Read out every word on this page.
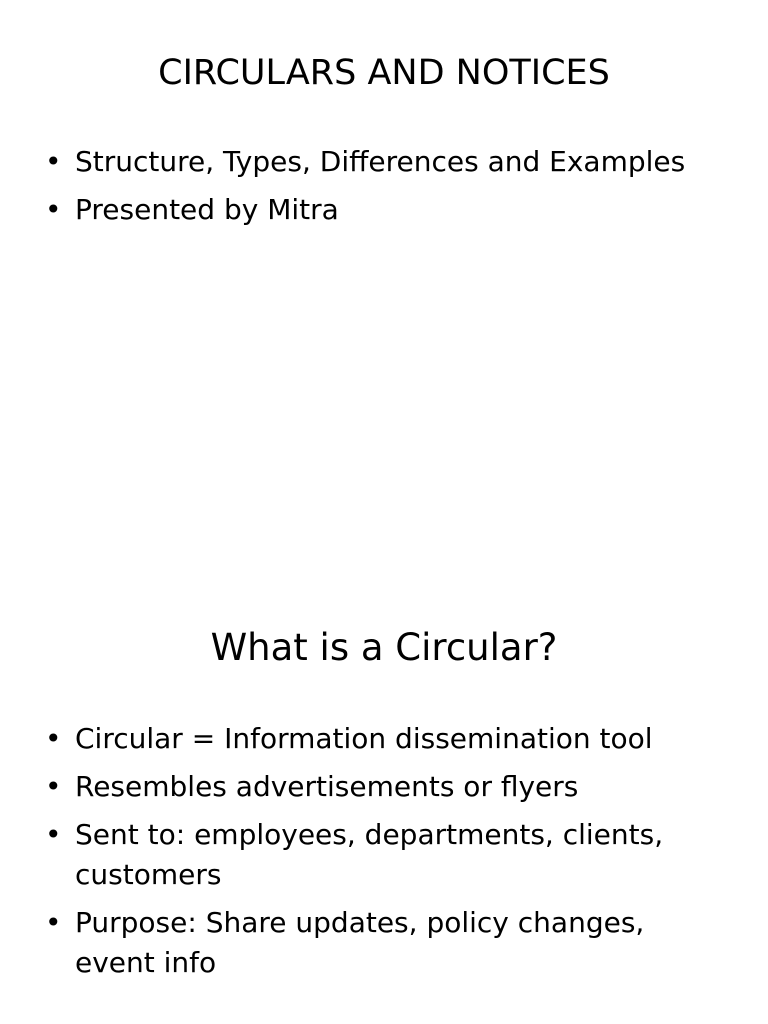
CIRCULARS AND NOTICES
• Structure, Types, Differences and Examples
• Presented by Mitra
What is a Circular?
• Circular = Information dissemination tool
• Resembles advertisements or flyers
• Sent to: employees, departments, clients, customers
• Purpose: Share updates, policy changes, event info
